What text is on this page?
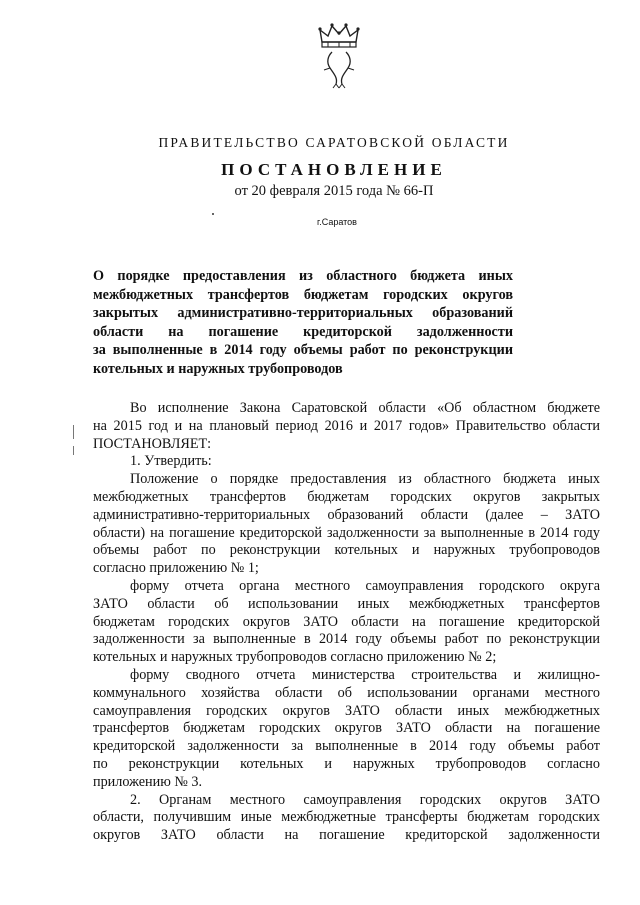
ПРАВИТЕЛЬСТВО САРАТОВСКОЙ ОБЛАСТИ
ПОСТАНОВЛЕНИЕ
от 20 февраля 2015 года № 66-П
г.Саратов
О порядке предоставления из областного бюджета иных
межбюджетных трансфертов бюджетам городских округов
закрытых административно-территориальных образований
области на погашение кредиторской задолженности
за выполненные в 2014 году объемы работ по реконструкции
котельных и наружных трубопроводов
Во исполнение Закона Саратовской области «Об областном бюджете
на 2015 год и на плановый период 2016 и 2017 годов» Правительство области
ПОСТАНОВЛЯЕТ:
1. Утвердить:
Положение о порядке предоставления из областного бюджета иных
межбюджетных трансфертов бюджетам городских округов закрытых
административно-территориальных образований области (далее – ЗАТО
области) на погашение кредиторской задолженности за выполненные в 2014 году
объемы работ по реконструкции котельных и наружных трубопроводов
согласно приложению № 1;
форму отчета органа местного самоуправления городского округа
ЗАТО области об использовании иных межбюджетных трансфертов
бюджетам городских округов ЗАТО области на погашение кредиторской
задолженности за выполненные в 2014 году объемы работ по реконструкции
котельных и наружных трубопроводов согласно приложению № 2;
форму сводного отчета министерства строительства и жилищно-
коммунального хозяйства области об использовании органами местного
самоуправления городских округов ЗАТО области иных межбюджетных
трансфертов бюджетам городских округов ЗАТО области на погашение
кредиторской задолженности за выполненные в 2014 году объемы работ
по реконструкции котельных и наружных трубопроводов согласно
приложению № 3.
2. Органам местного самоуправления городских округов ЗАТО
области, получившим иные межбюджетные трансферты бюджетам городских
округов ЗАТО области на погашение кредиторской задолженности
